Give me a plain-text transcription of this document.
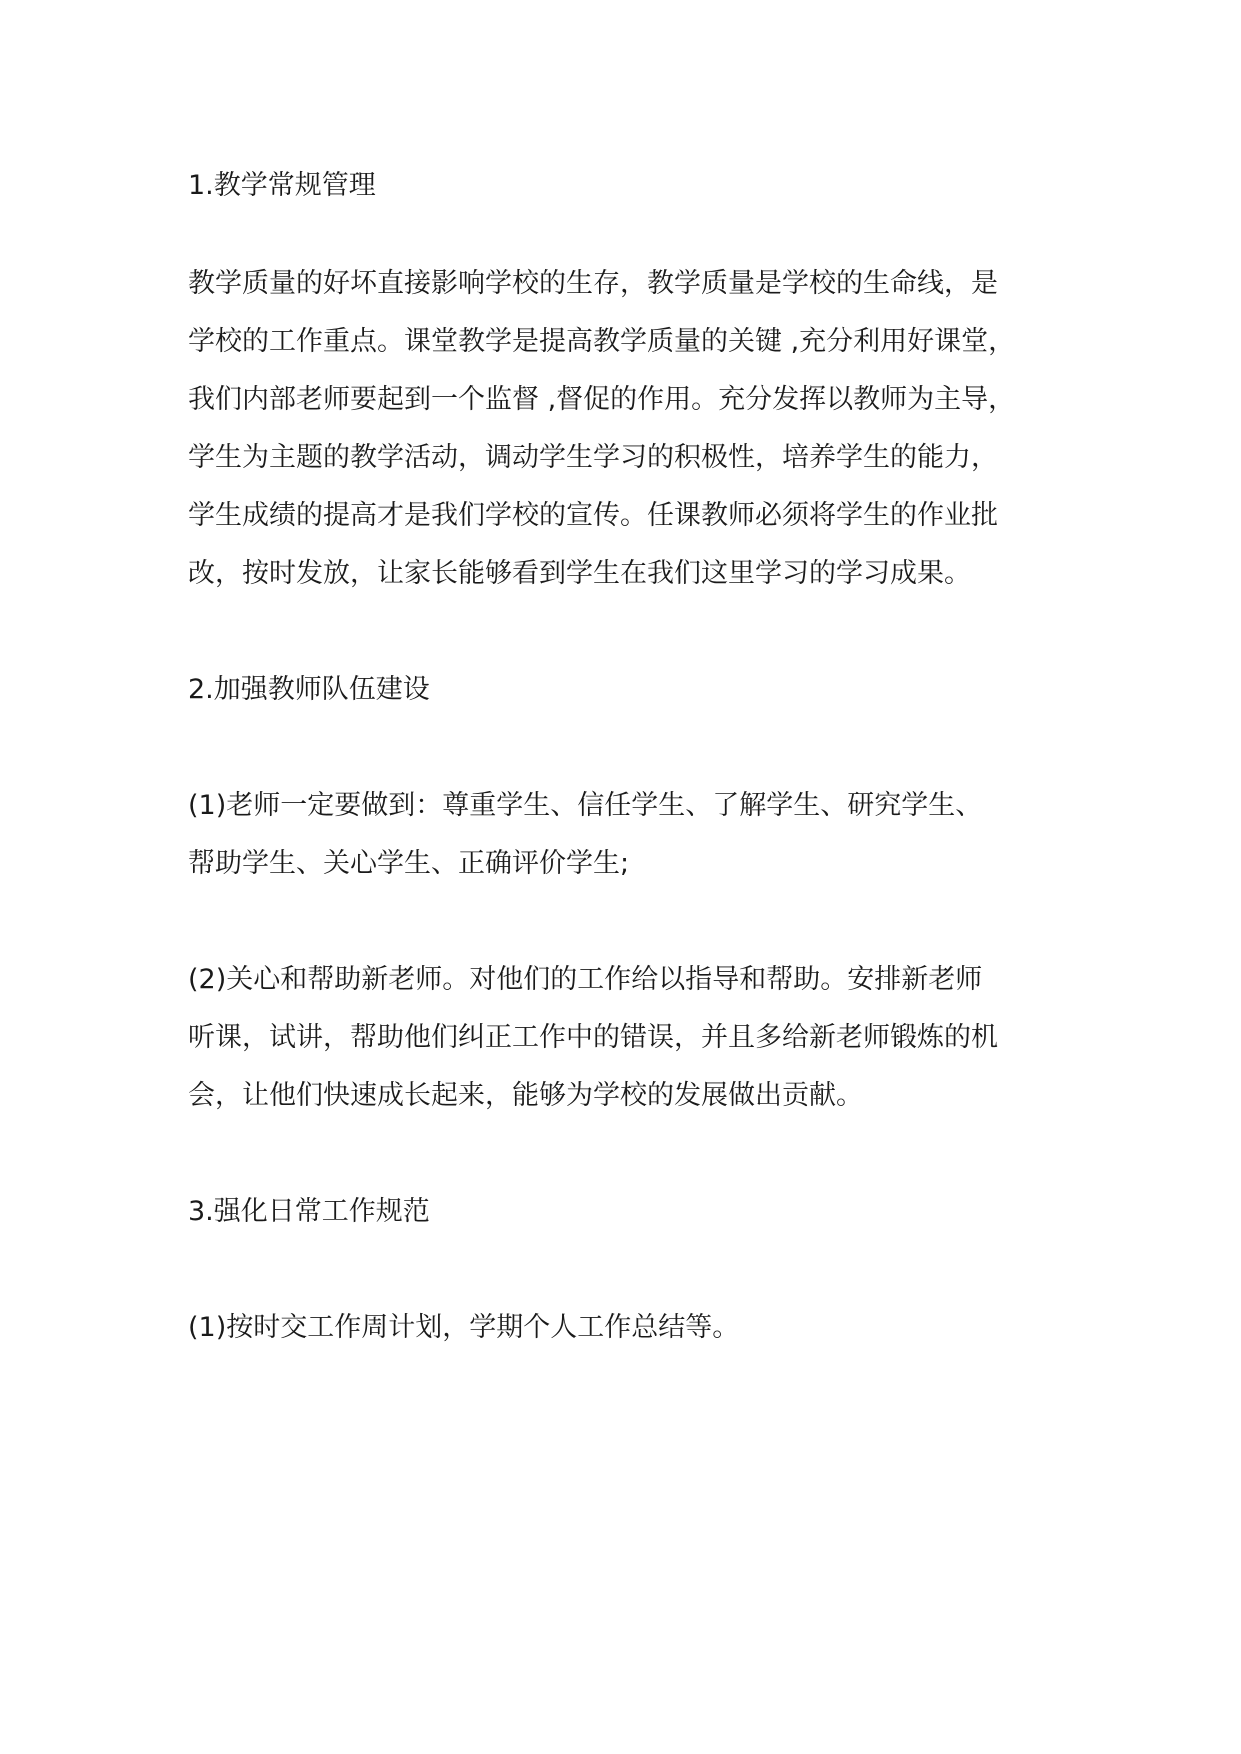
1.教学常规管理
教学质量的好坏直接影响学校的生存，教学质量是学校的生命线，是
学校的工作重点。课堂教学是提高教学质量的关键 ,充分利用好课堂，
我们内部老师要起到一个监督 ,督促的作用。充分发挥以教师为主导，
学生为主题的教学活动，调动学生学习的积极性，培养学生的能力，
学生成绩的提高才是我们学校的宣传。任课教师必须将学生的作业批
改，按时发放，让家长能够看到学生在我们这里学习的学习成果。
2.加强教师队伍建设
(1)老师一定要做到：尊重学生、信任学生、了解学生、研究学生、
帮助学生、关心学生、正确评价学生;
(2)关心和帮助新老师。对他们的工作给以指导和帮助。安排新老师
听课，试讲，帮助他们纠正工作中的错误，并且多给新老师锻炼的机
会，让他们快速成长起来，能够为学校的发展做出贡献。
3.强化日常工作规范
(1)按时交工作周计划，学期个人工作总结等。
